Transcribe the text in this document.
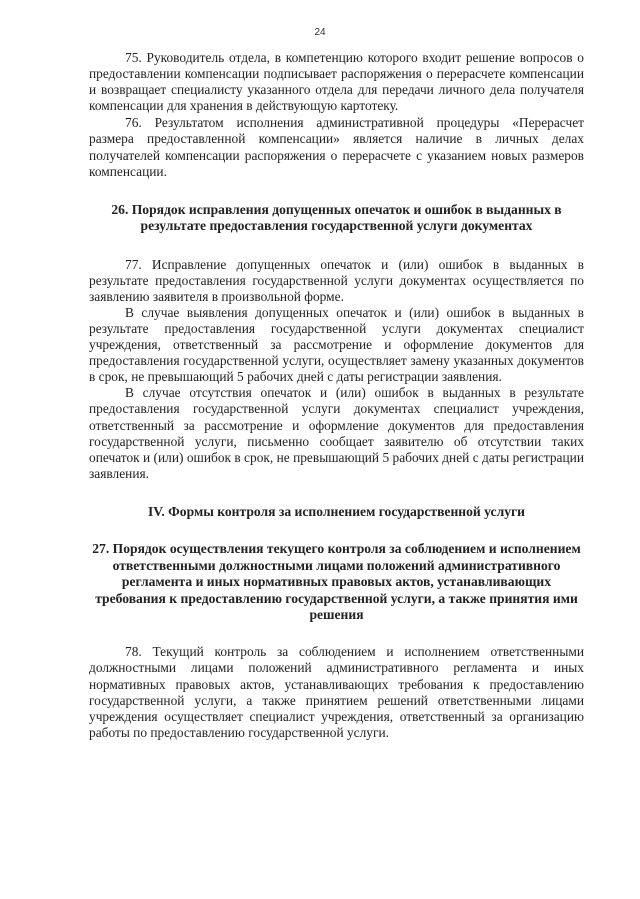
24

75. Руководитель отдела, в компетенцию которого входит решение вопросов о предоставлении компенсации подписывает распоряжения о перерасчете компенсации и возвращает специалисту указанного отдела для передачи личного дела получателя компенсации для хранения в действующую картотеку.

76. Результатом исполнения административной процедуры «Перерасчет размера предоставленной компенсации» является наличие в личных делах получателей компенсации распоряжения о перерасчете с указанием новых размеров компенсации.

26. Порядок исправления допущенных опечаток и ошибок в выданных в результате предоставления государственной услуги документах

77. Исправление допущенных опечаток и (или) ошибок в выданных в результате предоставления государственной услуги документах осуществляется по заявлению заявителя в произвольной форме.

В случае выявления допущенных опечаток и (или) ошибок в выданных в результате предоставления государственной услуги документах специалист учреждения, ответственный за рассмотрение и оформление документов для предоставления государственной услуги, осуществляет замену указанных документов в срок, не превышающий 5 рабочих дней с даты регистрации заявления.

В случае отсутствия опечаток и (или) ошибок в выданных в результате предоставления государственной услуги документах специалист учреждения, ответственный за рассмотрение и оформление документов для предоставления государственной услуги, письменно сообщает заявителю об отсутствии таких опечаток и (или) ошибок в срок, не превышающий 5 рабочих дней с даты регистрации заявления.

IV. Формы контроля за исполнением государственной услуги
27. Порядок осуществления текущего контроля за соблюдением и исполнением ответственными должностными лицами положений административного регламента и иных нормативных правовых актов, устанавливающих требования к предоставлению государственной услуги, а также принятия ими решения

78. Текущий контроль за соблюдением и исполнением ответственными должностными лицами положений административного регламента и иных нормативных правовых актов, устанавливающих требования к предоставлению государственной услуги, а также принятием решений ответственными лицами учреждения осуществляет специалист учреждения, ответственный за организацию работы по предоставлению государственной услуги.
